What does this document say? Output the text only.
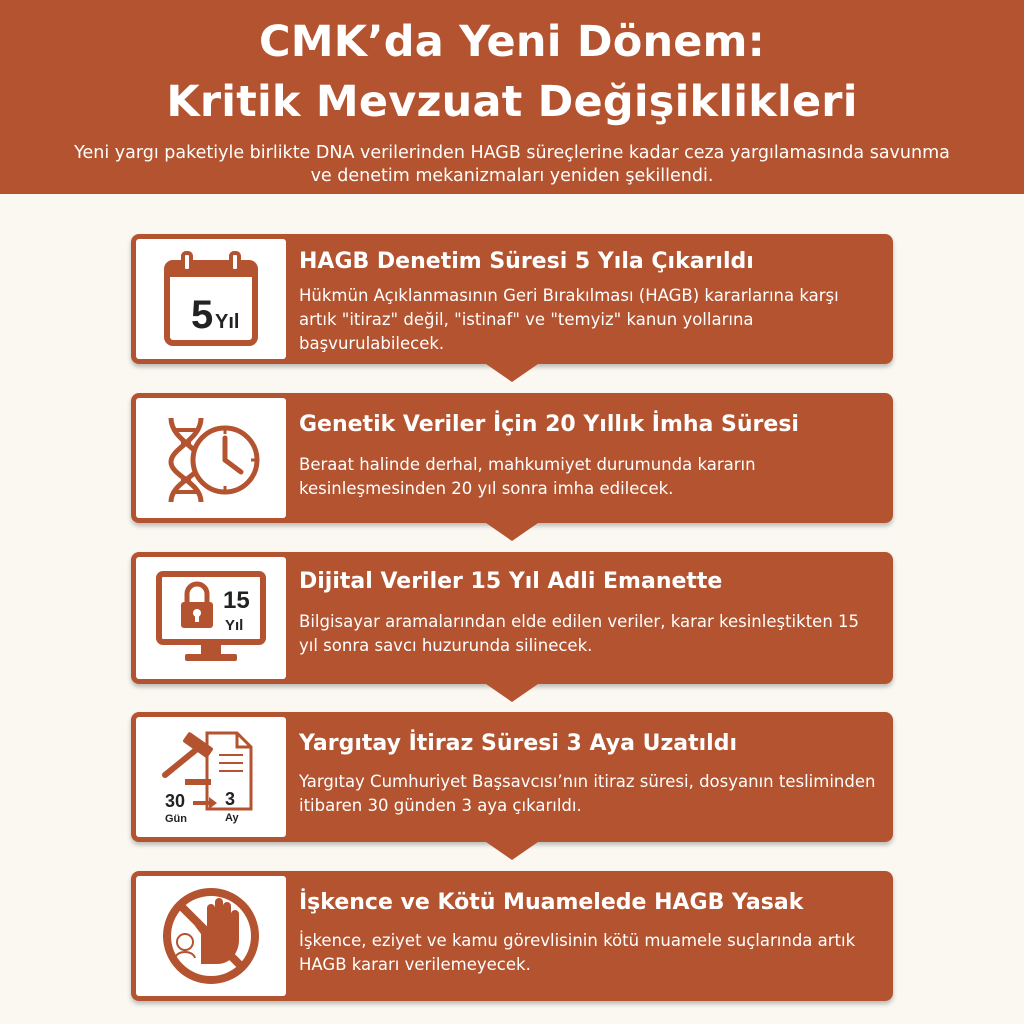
CMK’da Yeni Dönem:
Kritik Mevzuat Değişiklikleri

Yeni yargı paketiyle birlikte DNA verilerinden HAGB süreçlerine kadar ceza yargılamasında savunma ve denetim mekanizmaları yeniden şekillendi.

5 Yıl
HAGB Denetim Süresi 5 Yıla Çıkarıldı
Hükmün Açıklanmasının Geri Bırakılması (HAGB) kararlarına karşı artık "itiraz" değil, "istinaf" ve "temyiz" kanun yollarına başvurulabilecek.
Genetik Veriler İçin 20 Yıllık İmha Süresi
Beraat halinde derhal, mahkumiyet durumunda kararın kesinleşmesinden 20 yıl sonra imha edilecek.
15
Yıl
Dijital Veriler 15 Yıl Adli Emanette
Bilgisayar aramalarından elde edilen veriler, karar kesinleştikten 15 yıl sonra savcı huzurunda silinecek.
30
Gün
3
Ay
Yargıtay İtiraz Süresi 3 Aya Uzatıldı
Yargıtay Cumhuriyet Başsavcısı’nın itiraz süresi, dosyanın tesliminden itibaren 30 günden 3 aya çıkarıldı.
İşkence ve Kötü Muamelede HAGB Yasak
İşkence, eziyet ve kamu görevlisinin kötü muamele suçlarında artık HAGB kararı verilemeyecek.
